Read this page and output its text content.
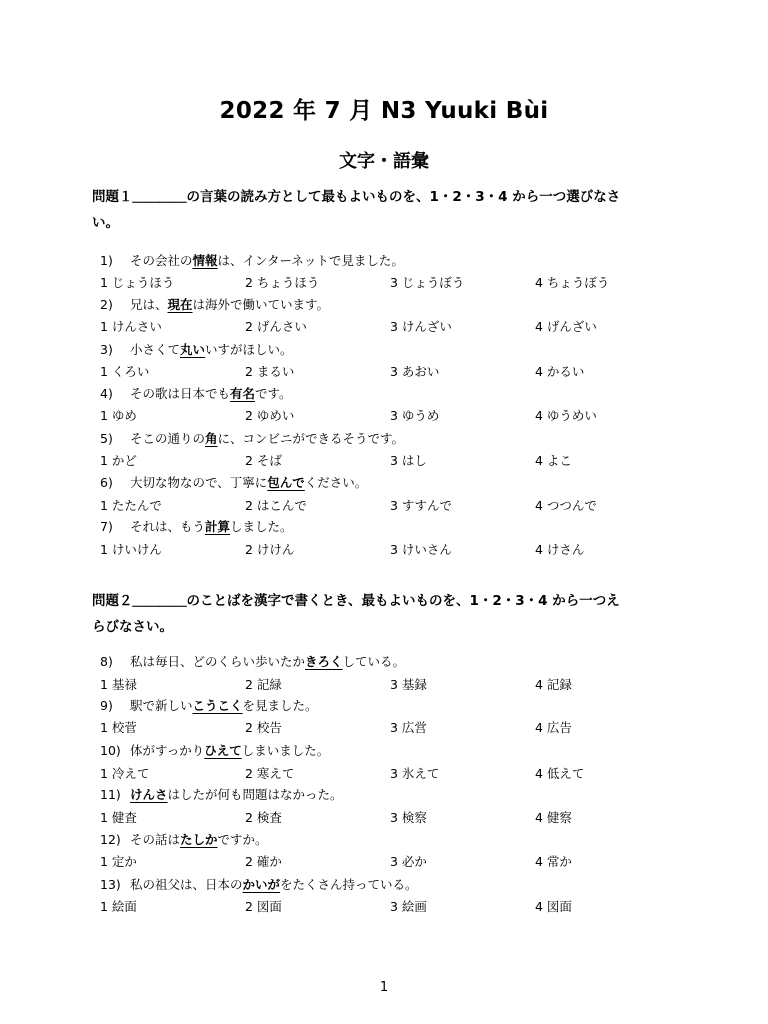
2022 年 7 月 N3 Yuuki Bùi
文字・語彙
問題１＿＿＿＿の言葉の読み方として最もよいものを、1・2・3・4 から一つ選びなさ
い。
問題２＿＿＿＿のことばを漢字で書くとき、最もよいものを、1・2・3・4 から一つえ
らびなさい。
1) その会社の情報は、インターネットで見ました。
1 じょうほう	2 ちょうほう	3 じょうぼう	4 ちょうぼう
2) 兄は、現在は海外で働いています。
1 けんさい	2 げんさい	3 けんざい	4 げんざい
3) 小さくて丸いいすがほしい。
1 くろい	2 まるい	3 あおい	4 かるい
4) その歌は日本でも有名です。
1 ゆめ	2 ゆめい	3 ゆうめ	4 ゆうめい
5) そこの通りの角に、コンビニができるそうです。
1 かど	2 そば	3 はし	4 よこ
6) 大切な物なので、丁寧に包んでください。
1 たたんで	2 はこんで	3 すすんで	4 つつんで
7) それは、もう計算しました。
1 けいけん	2 けけん	3 けいさん	4 けさん
8) 私は毎日、どのくらい歩いたかきろくしている。
1 基禄	2 記緑	3 基録	4 記録
9) 駅で新しいこうこくを見ました。
1 校菅	2 校告	3 広営	4 広告
10) 体がすっかりひえてしまいました。
1 冷えて	2 寒えて	3 氷えて	4 低えて
11) けんさはしたが何も問題はなかった。
1 健査	2 検査	3 検察	4 健察
12) その話はたしかですか。
1 定か	2 確か	3 必か	4 常か
13) 私の祖父は、日本のかいがをたくさん持っている。
1 絵面	2 図面	3 絵画	4 図面
1
